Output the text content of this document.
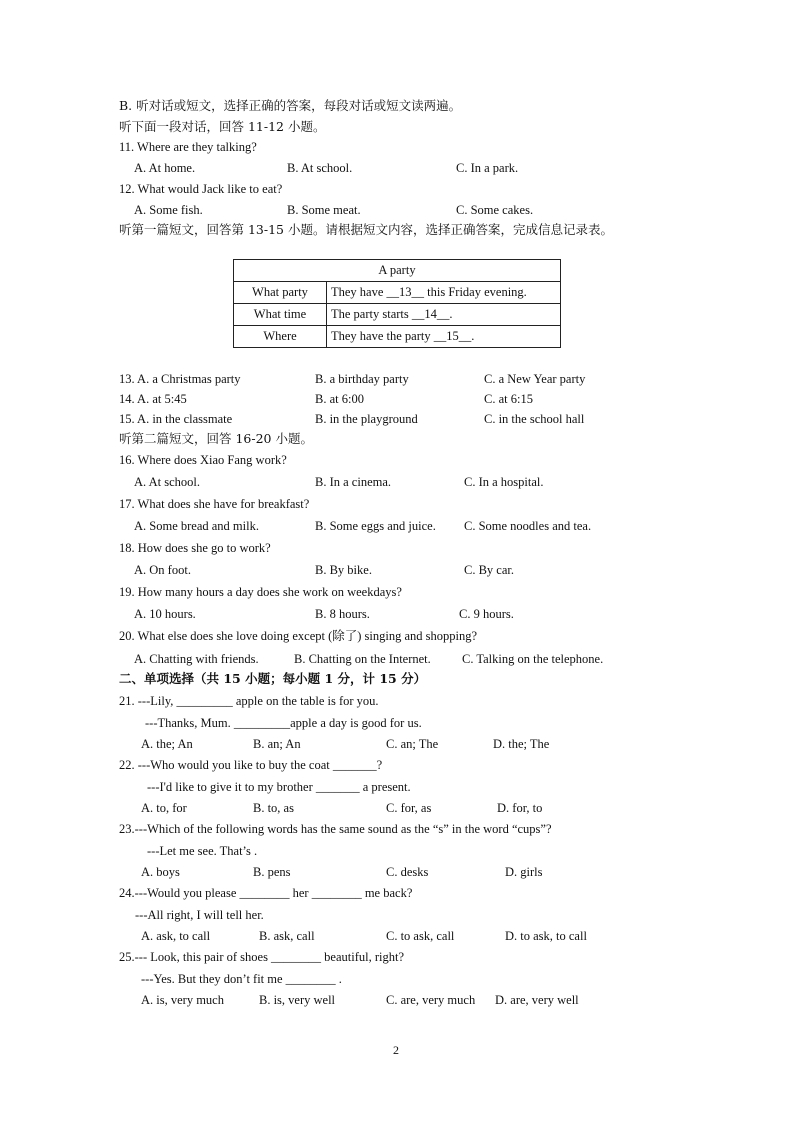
B. 听对话或短文，选择正确的答案，每段对话或短文读两遍。
听下面一段对话，回答 11-12 小题。
11. Where are they talking?
A. At home.	B. At school.	C. In a park.
12. What would Jack like to eat?
A. Some fish.	B. Some meat.	C. Some cakes.
听第一篇短文，回答第 13-15 小题。请根据短文内容，选择正确答案，完成信息记录表。
A party	
What party	They have __13__ this Friday evening.
What time	The party starts __14__.
Where	They have the party __15__.
13. A. a Christmas party	B. a birthday party	C. a New Year party
14. A. at 5:45	B. at 6:00	C. at 6:15
15. A. in the classmate	B. in the playground	C. in the school hall
听第二篇短文，回答 16-20 小题。
16. Where does Xiao Fang work?
A. At school.	B. In a cinema.	C. In a hospital.
17. What does she have for breakfast?
A. Some bread and milk.	B. Some eggs and juice. C. Some noodles and tea.
18. How does she go to work?
A. On foot.	B. By bike.	C. By car.
19. How many hours a day does she work on weekdays?
A. 10 hours.	B. 8 hours.	C. 9 hours.
20. What else does she love doing except (除了) singing and shopping?
A. Chatting with friends.	B. Chatting on the Internet. C. Talking on the telephone.
二、单项选择（共 15 小题；每小题 1 分，计 15 分）
21. ---Lily, _________ apple on the table is for you.
---Thanks, Mum. _________apple a day is good for us.
A. the; An	B. an; An	C. an; The	D. the; The
22. ---Who would you like to buy the coat _______?
---I'd like to give it to my brother _______ a present.
A. to, for	B. to, as	C. for, as	D. for, to
23.---Which of the following words has the same sound as the “s” in the word “cups”?
---Let me see. That’s .
A. boys	B. pens	C. desks	D. girls
24.---Would you please ________ her ________ me back?
---All right, I will tell her.
A. ask, to call	B. ask, call	C. to ask, call	D. to ask, to call
25.--- Look, this pair of shoes ________ beautiful, right?
---Yes. But they don’t fit me ________ .
A. is, very much	B. is, very well	C. are, very much D. are, very well
2
